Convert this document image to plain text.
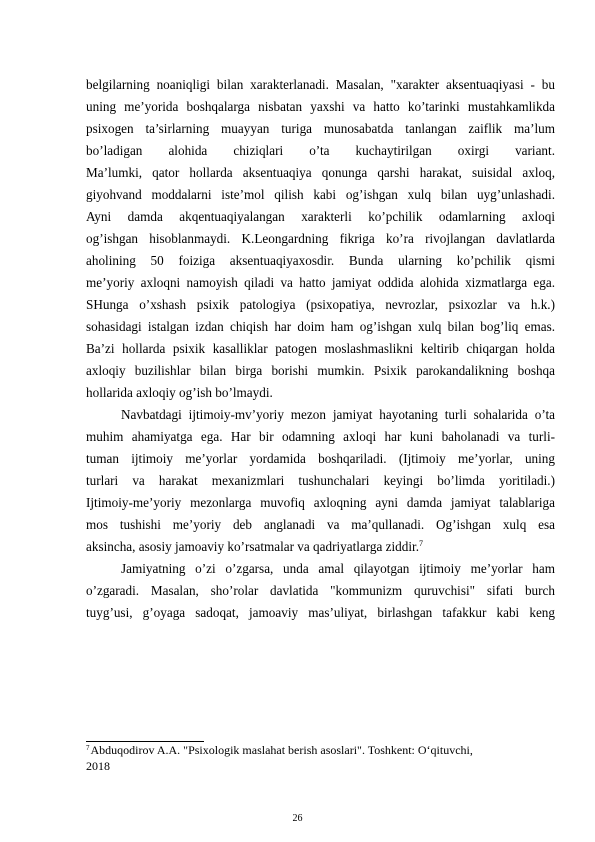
belgilarning noaniqligi bilan xarakterlanadi. Masalan, "xarakter aksentuaqiyasi - bu
uning me’yorida boshqalarga nisbatan yaxshi va hatto ko’tarinki mustahkamlikda
psixogen ta’sirlarning muayyan turiga munosabatda tanlangan zaiflik ma’lum
bo’ladigan alohida chiziqlari o’ta kuchaytirilgan oxirgi variant.
Ma’lumki, qator hollarda aksentuaqiya qonunga qarshi harakat, suisidal axloq,
giyohvand moddalarni iste’mol qilish kabi og’ishgan xulq bilan uyg’unlashadi.
Ayni damda akqentuaqiyalangan xarakterli ko’pchilik odamlarning axloqi
og’ishgan hisoblanmaydi. K.Leongardning fikriga ko’ra rivojlangan davlatlarda
aholining 50 foiziga aksentuaqiyaxosdir. Bunda ularning ko’pchilik qismi
me’yoriy axloqni namoyish qiladi va hatto jamiyat oddida alohida xizmatlarga ega.
SHunga o’xshash psixik patologiya (psixopatiya, nevrozlar, psixozlar va h.k.)
sohasidagi istalgan izdan chiqish har doim ham og’ishgan xulq bilan bog’liq emas.
Ba’zi hollarda psixik kasalliklar patogen moslashmaslikni keltirib chiqargan holda
axloqiy buzilishlar bilan birga borishi mumkin. Psixik parokandalikning boshqa
hollarida axloqiy og’ish bo’lmaydi.
Navbatdagi ijtimoiy-mv’yoriy mezon jamiyat hayotaning turli sohalarida o’ta
muhim ahamiyatga ega. Har bir odamning axloqi har kuni baholanadi va turli-
tuman ijtimoiy me’yorlar yordamida boshqariladi. (Ijtimoiy me’yorlar, uning
turlari va harakat mexanizmlari tushunchalari keyingi bo’limda yoritiladi.)
Ijtimoiy-me’yoriy mezonlarga muvofiq axloqning ayni damda jamiyat talablariga
mos tushishi me’yoriy deb anglanadi va ma’qullanadi. Og’ishgan xulq esa
aksincha, asosiy jamoaviy ko’rsatmalar va qadriyatlarga ziddir.$^7$
Jamiyatning o’zi o’zgarsa, unda amal qilayotgan ijtimoiy me’yorlar ham
o’zgaradi. Masalan, sho’rolar davlatida "kommunizm quruvchisi" sifati burch
tuyg’usi, g’oyaga sadoqat, jamoaviy mas’uliyat, birlashgan tafakkur kabi keng
$^7$Abduqodirov A.A. "Psixologik maslahat berish asoslari". Toshkent: O‘qituvchi,
2018
26
